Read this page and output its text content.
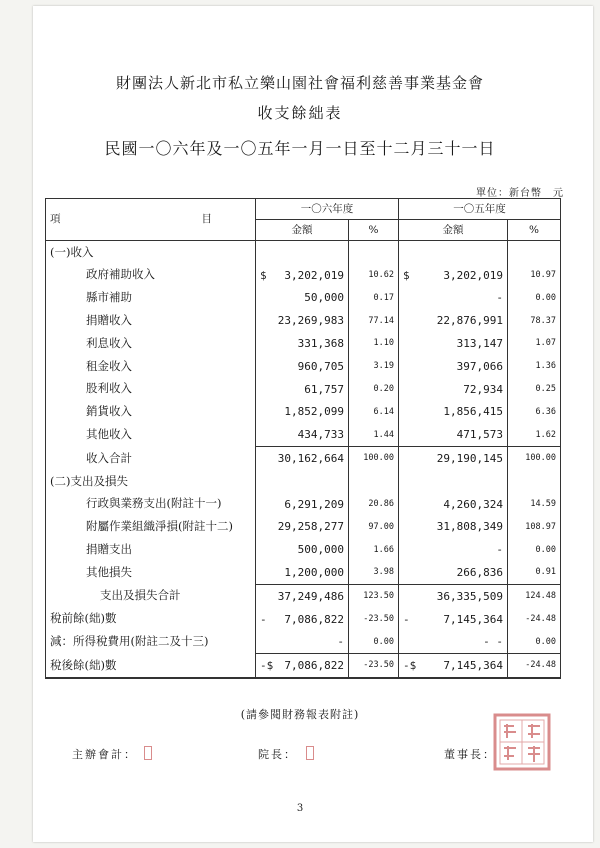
財團法人新北市私立樂山園社會福利慈善事業基金會
收支餘絀表
民國一〇六年及一〇五年一月一日至十二月三十一日
單位：新台幣　元
項　　目	一〇六年度		一〇五年度	
	金額	%	金額	%
(一)收入				
政府補助收入	$ 3,202,019	10.62	$ 3,202,019	10.97
縣市補助	50,000	0.17	-	0.00
捐贈收入	23,269,983	77.14	22,876,991	78.37
利息收入	331,368	1.10	313,147	1.07
租金收入	960,705	3.19	397,066	1.36
股利收入	61,757	0.20	72,934	0.25
銷貨收入	1,852,099	6.14	1,856,415	6.36
其他收入	434,733	1.44	471,573	1.62
收入合計	30,162,664	100.00	29,190,145	100.00
(二)支出及損失				
行政與業務支出(附註十一)	6,291,209	20.86	4,260,324	14.59
附屬作業組織淨損(附註十二)	29,258,277	97.00	31,808,349	108.97
捐贈支出	500,000	1.66	-	0.00
其他損失	1,200,000	3.98	266,836	0.91
支出及損失合計	37,249,486	123.50	36,335,509	124.48
稅前餘(絀)數	- 7,086,822	-23.50	- 7,145,364	-24.48
減：所得稅費用(附註二及十三)	-	0.00	- -	0.00
稅後餘(絀)數	-$ 7,086,822	-23.50	-$ 7,145,364	-24.48
(請參閱財務報表附註)
主辦會計：	院長：	董事長：
3
